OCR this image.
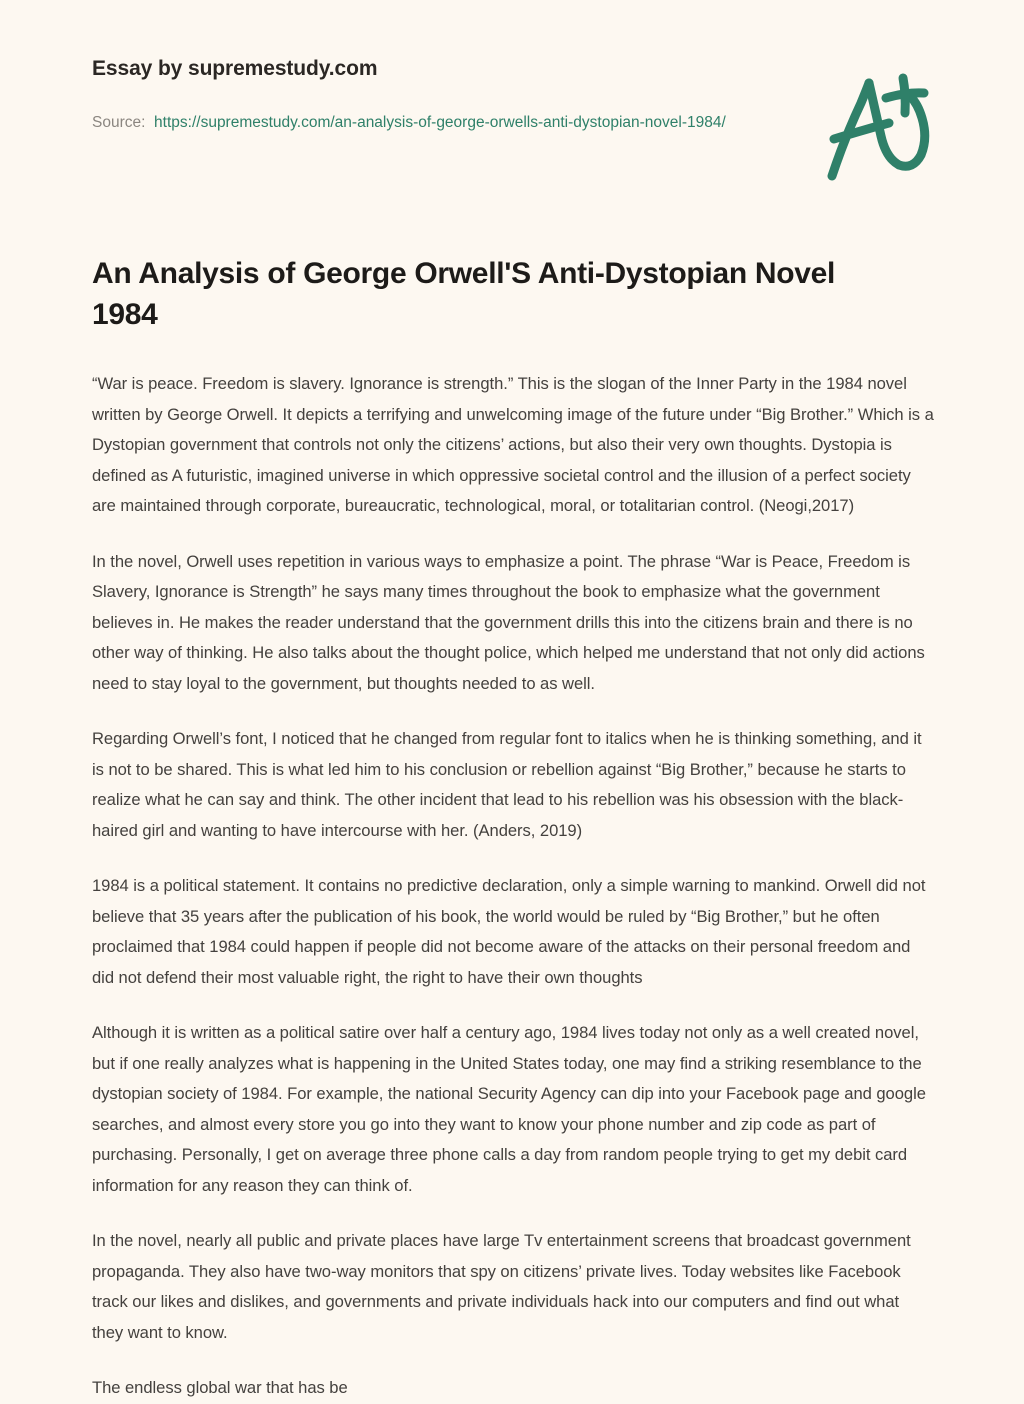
Essay by supremestudy.com
Source: https://supremestudy.com/an-analysis-of-george-orwells-anti-dystopian-novel-1984/
An Analysis of George Orwell'S Anti-Dystopian Novel 1984

“War is peace. Freedom is slavery. Ignorance is strength.” This is the slogan of the Inner Party in the 1984 novel written by George Orwell. It depicts a terrifying and unwelcoming image of the future under “Big Brother.” Which is a Dystopian government that controls not only the citizens’ actions, but also their very own thoughts. Dystopia is defined as A futuristic, imagined universe in which oppressive societal control and the illusion of a perfect society are maintained through corporate, bureaucratic, technological, moral, or totalitarian control. (Neogi,2017)

In the novel, Orwell uses repetition in various ways to emphasize a point. The phrase “War is Peace, Freedom is Slavery, Ignorance is Strength” he says many times throughout the book to emphasize what the government believes in. He makes the reader understand that the government drills this into the citizens brain and there is no other way of thinking. He also talks about the thought police, which helped me understand that not only did actions need to stay loyal to the government, but thoughts needed to as well.

Regarding Orwell’s font, I noticed that he changed from regular font to italics when he is thinking something, and it is not to be shared. This is what led him to his conclusion or rebellion against “Big Brother,” because he starts to realize what he can say and think. The other incident that lead to his rebellion was his obsession with the black-haired girl and wanting to have intercourse with her. (Anders, 2019)

1984 is a political statement. It contains no predictive declaration, only a simple warning to mankind. Orwell did not believe that 35 years after the publication of his book, the world would be ruled by “Big Brother,” but he often proclaimed that 1984 could happen if people did not become aware of the attacks on their personal freedom and did not defend their most valuable right, the right to have their own thoughts

Although it is written as a political satire over half a century ago, 1984 lives today not only as a well created novel, but if one really analyzes what is happening in the United States today, one may find a striking resemblance to the dystopian society of 1984. For example, the national Security Agency can dip into your Facebook page and google searches, and almost every store you go into they want to know your phone number and zip code as part of purchasing. Personally, I get on average three phone calls a day from random people trying to get my debit card information for any reason they can think of.

In the novel, nearly all public and private places have large Tv entertainment screens that broadcast government propaganda. They also have two-way monitors that spy on citizens’ private lives. Today websites like Facebook track our likes and dislikes, and governments and private individuals hack into our computers and find out what they want to know.

The endless global war that has be
